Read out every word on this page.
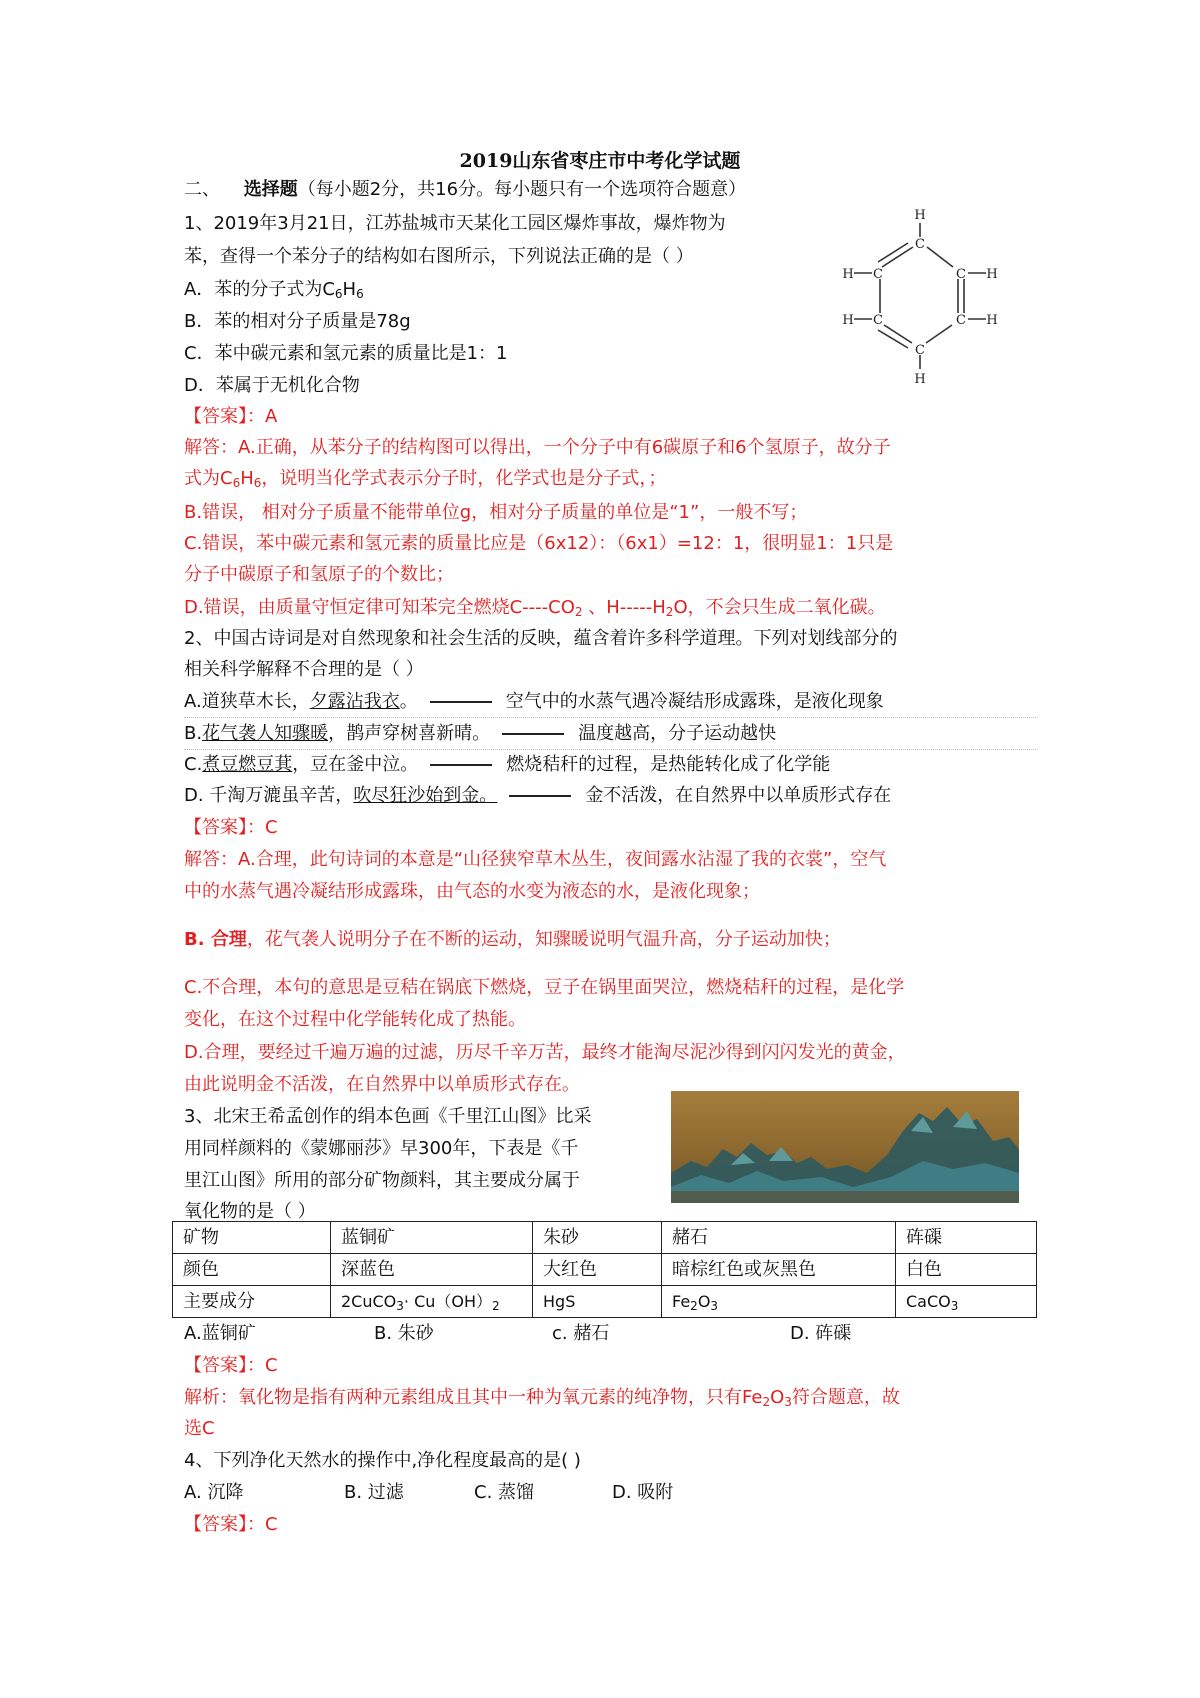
2019山东省枣庄市中考化学试题
二、 选择题（每小题2分，共16分。每小题只有一个选项符合题意）
1、2019年3月21日，江苏盐城市天某化工园区爆炸事故，爆炸物为
苯，查得一个苯分子的结构如右图所示，下列说法正确的是（ ）
A．苯的分子式为$C_6H_6$
B．苯的相对分子质量是78g
C．苯中碳元素和氢元素的质量比是1：1
D．苯属于无机化合物
【答案】：A
解答：A.正确，从苯分子的结构图可以得出，一个分子中有6碳原子和6个氢原子，故分子
式为$C_6H_6$，说明当化学式表示分子时，化学式也是分子式，；
B.错误， 相对分子质量不能带单位g，相对分子质量的单位是“1”，一般不写；
C.错误，苯中碳元素和氢元素的质量比应是（6x12）：（6x1）=12：1，很明显1：1只是
分子中碳原子和氢原子的个数比；
D.错误，由质量守恒定律可知苯完全燃烧$C----CO_2$ 、$H-----H_2O$，不会只生成二氧化碳。
H
C
C	C
C	C
C
H
H	H
H	H
2、中国古诗词是对自然现象和社会生活的反映，蕴含着许多科学道理。下列对划线部分的
相关科学解释不合理的是（ ）
A.道狭草木长，夕露沾我衣。	空气中的水蒸气遇冷凝结形成露珠，是液化现象
B.花气袭人知骤暖，鹊声穿树喜新晴。	温度越高，分子运动越快
C.煮豆燃豆萁，豆在釜中泣。	燃烧秸秆的过程，是热能转化成了化学能
D. 千淘万漉虽辛苦，吹尽狂沙始到金。	金不活泼，在自然界中以单质形式存在
【答案】：C
解答：A.合理，此句诗词的本意是“山径狭窄草木丛生，夜间露水沾湿了我的衣裳”，空气
中的水蒸气遇冷凝结形成露珠，由气态的水变为液态的水，是液化现象；
B. 合理，花气袭人说明分子在不断的运动，知骤暖说明气温升高，分子运动加快；
C.不合理，本句的意思是豆秸在锅底下燃烧，豆子在锅里面哭泣，燃烧秸秆的过程，是化学
变化，在这个过程中化学能转化成了热能。
D.合理，要经过千遍万遍的过滤，历尽千辛万苦，最终才能淘尽泥沙得到闪闪发光的黄金，
由此说明金不活泼，在自然界中以单质形式存在。
3、北宋王希孟创作的绢本色画《千里江山图》比采
用同样颜料的《蒙娜丽莎》早300年，下表是《千
里江山图》所用的部分矿物颜料，其主要成分属于
氧化物的是（ ）
矿物	蓝铜矿	朱砂	赭石	砗磲
颜色	深蓝色	大红色	暗棕红色或灰黑色	白色
主要成分	2CuCO$_3$· $Cu(OH)_2$	HgS	$Fe_2O_3$	CaCO$_3$
A.蓝铜矿	B. 朱砂	c. 赭石	D. 砗磲
【答案】：C
解析：氧化物是指有两种元素组成且其中一种为氧元素的纯净物，只有$Fe_2O_3$符合题意，故
选C
4、下列净化天然水的操作中,净化程度最高的是( )
A. 沉降	B. 过滤	C. 蒸馏	D. 吸附
【答案】：C
